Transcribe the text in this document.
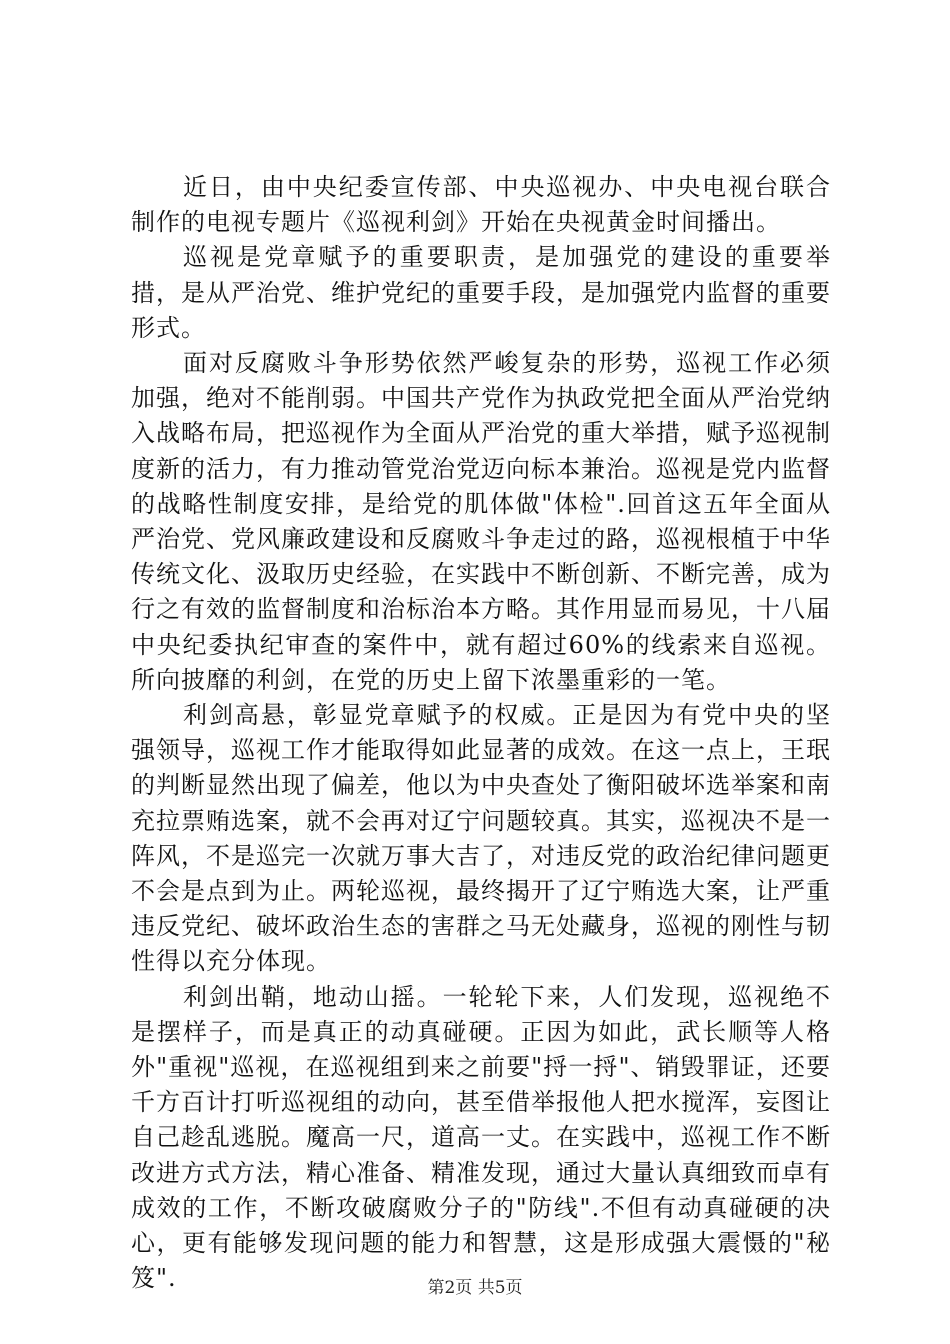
近日，由中央纪委宣传部、中央巡视办、中央电视台联合制作的电视专题片《巡视利剑》开始在央视黄金时间播出。

巡视是党章赋予的重要职责，是加强党的建设的重要举措，是从严治党、维护党纪的重要手段，是加强党内监督的重要形式。

面对反腐败斗争形势依然严峻复杂的形势，巡视工作必须加强，绝对不能削弱。中国共产党作为执政党把全面从严治党纳入战略布局，把巡视作为全面从严治党的重大举措，赋予巡视制度新的活力，有力推动管党治党迈向标本兼治。巡视是党内监督的战略性制度安排，是给党的肌体做"体检".回首这五年全面从严治党、党风廉政建设和反腐败斗争走过的路，巡视根植于中华传统文化、汲取历史经验，在实践中不断创新、不断完善，成为行之有效的监督制度和治标治本方略。其作用显而易见，十八届中央纪委执纪审查的案件中，就有超过60%的线索来自巡视。所向披靡的利剑，在党的历史上留下浓墨重彩的一笔。

利剑高悬，彰显党章赋予的权威。正是因为有党中央的坚强领导，巡视工作才能取得如此显著的成效。在这一点上，王珉的判断显然出现了偏差，他以为中央查处了衡阳破坏选举案和南充拉票贿选案，就不会再对辽宁问题较真。其实，巡视决不是一阵风，不是巡完一次就万事大吉了，对违反党的政治纪律问题更不会是点到为止。两轮巡视，最终揭开了辽宁贿选大案，让严重违反党纪、破坏政治生态的害群之马无处藏身，巡视的刚性与韧性得以充分体现。

利剑出鞘，地动山摇。一轮轮下来，人们发现，巡视绝不是摆样子，而是真正的动真碰硬。正因为如此，武长顺等人格外"重视"巡视，在巡视组到来之前要"捋一捋"、销毁罪证，还要千方百计打听巡视组的动向，甚至借举报他人把水搅浑，妄图让自己趁乱逃脱。魔高一尺，道高一丈。在实践中，巡视工作不断改进方式方法，精心准备、精准发现，通过大量认真细致而卓有成效的工作，不断攻破腐败分子的"防线".不但有动真碰硬的决心，更有能够发现问题的能力和智慧，这是形成强大震慑的"秘笈".	第2页 共5页
